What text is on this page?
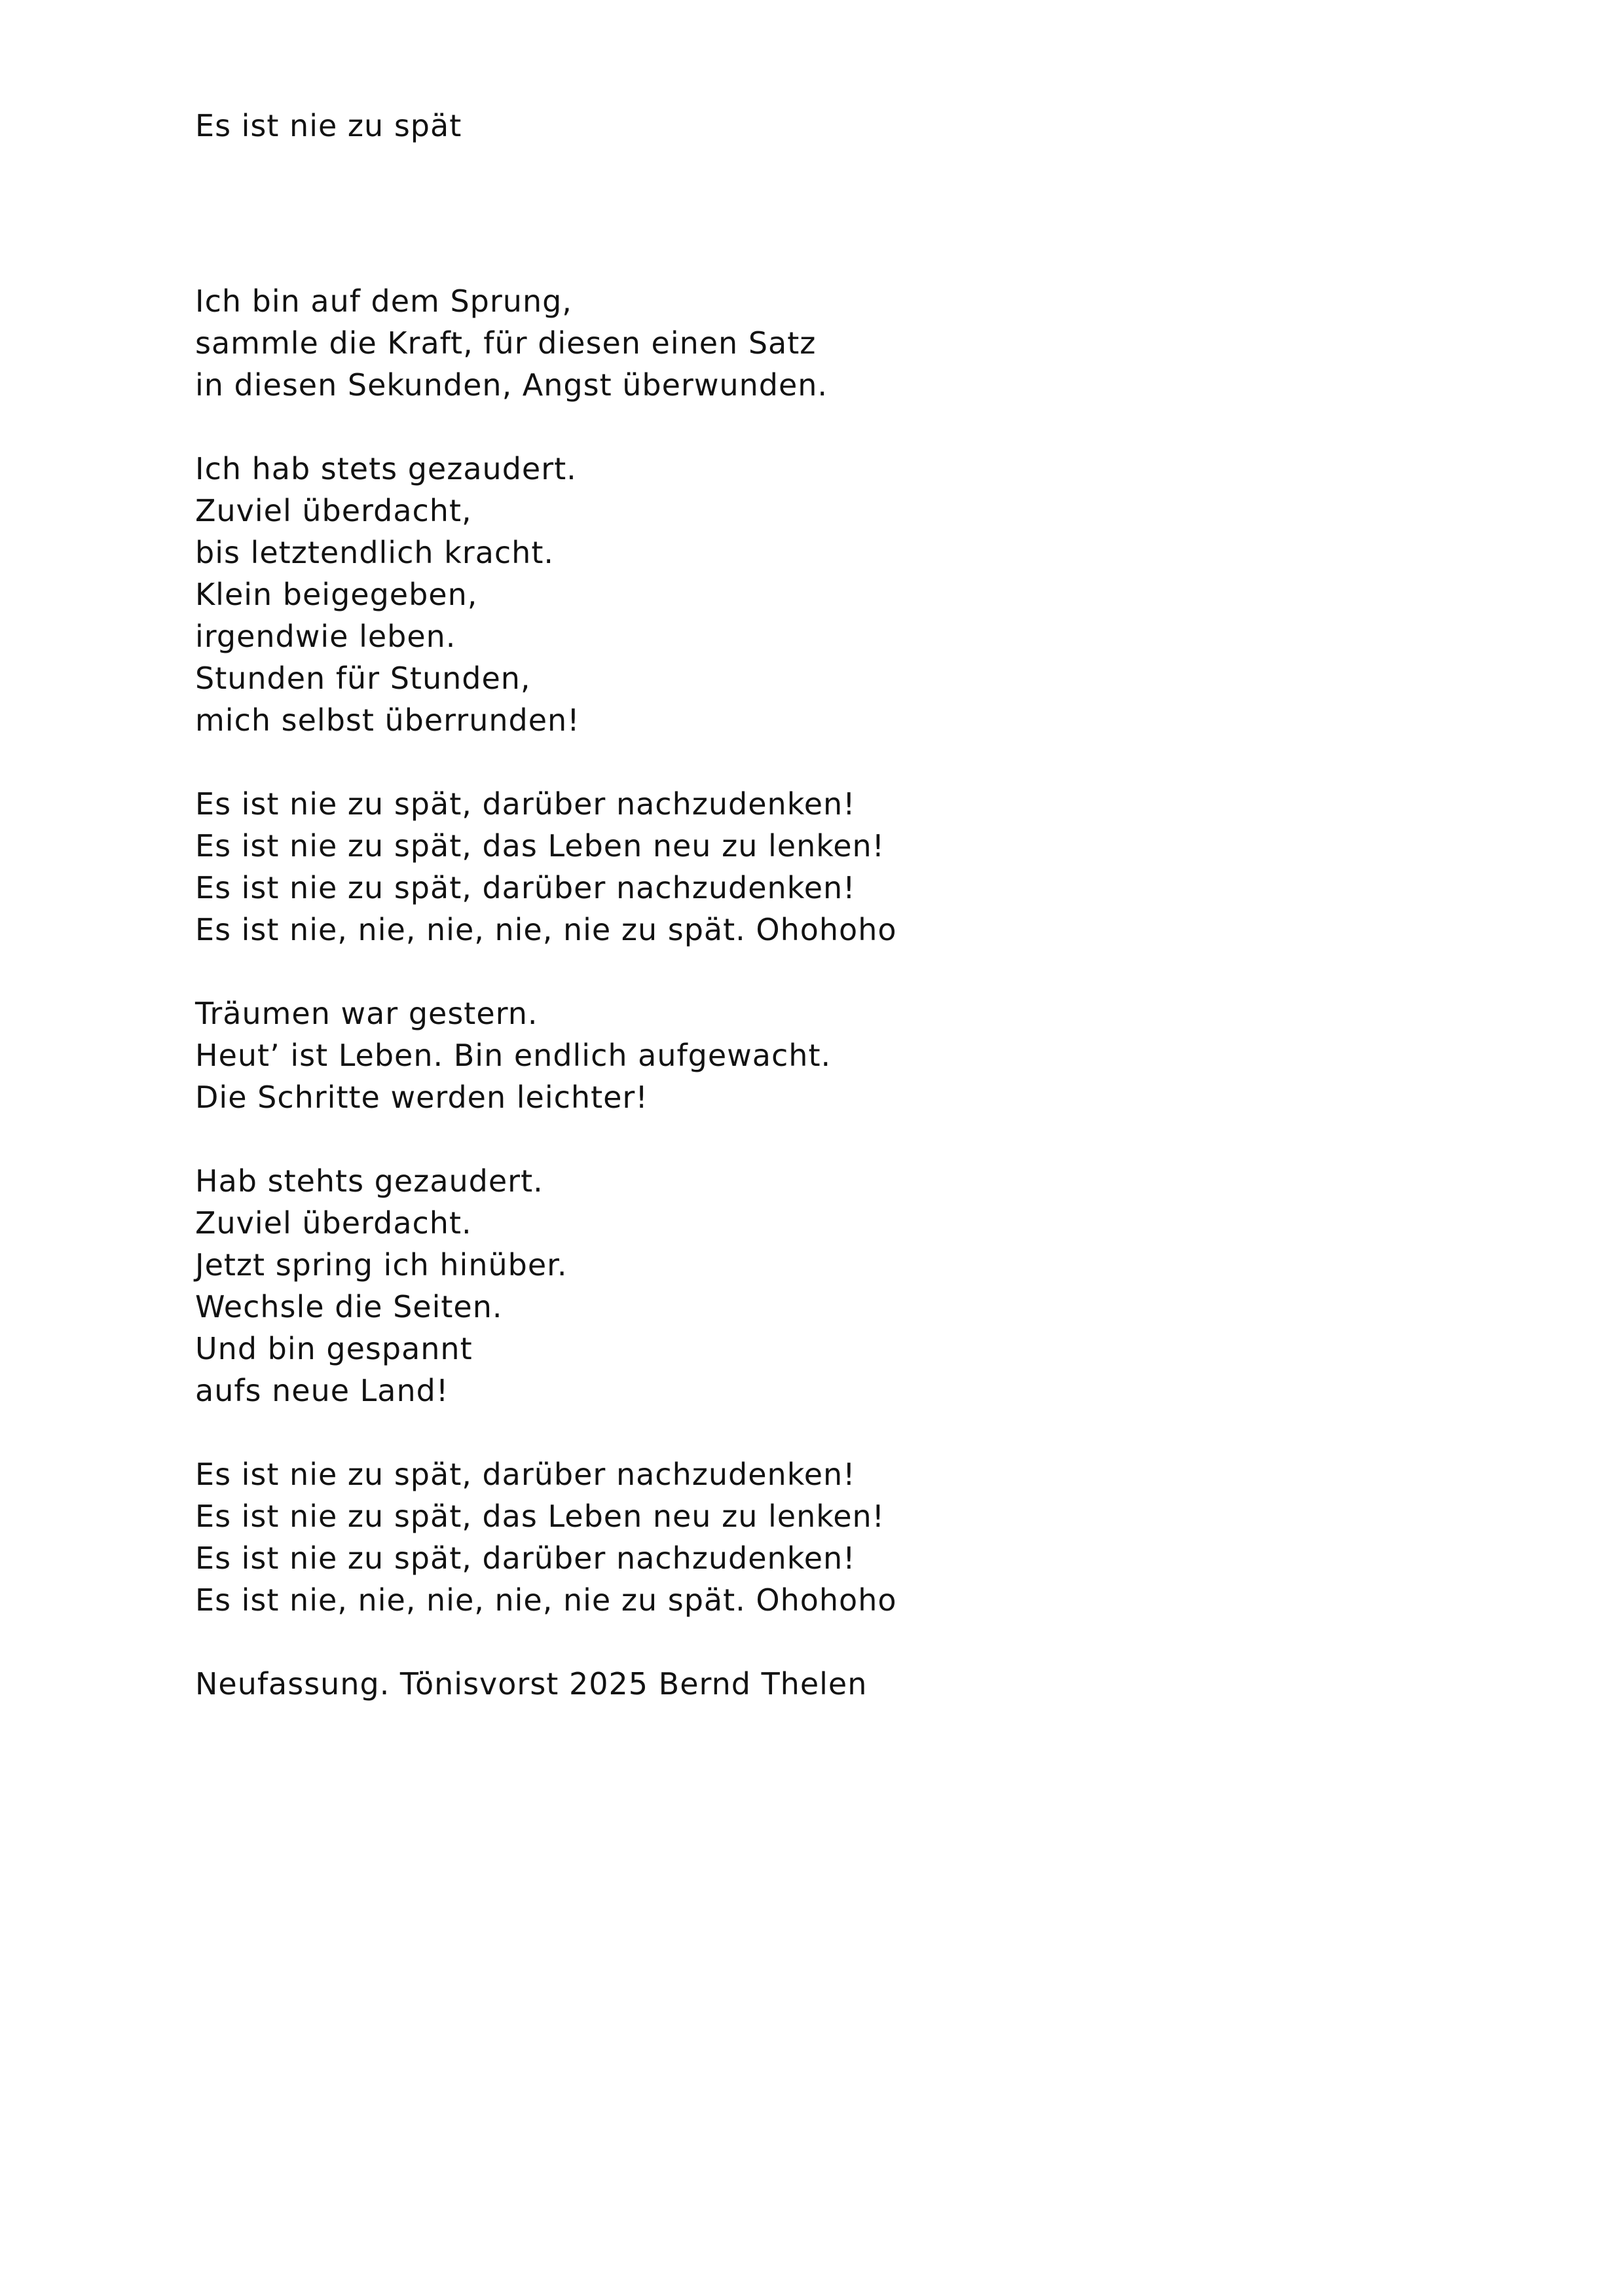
Es ist nie zu spät
Ich bin auf dem Sprung,
sammle die Kraft, für diesen einen Satz
in diesen Sekunden, Angst überwunden.
Ich hab stets gezaudert.
Zuviel überdacht,
bis letztendlich kracht.
Klein beigegeben,
irgendwie leben.
Stunden für Stunden,
mich selbst überrunden!
Es ist nie zu spät, darüber nachzudenken!
Es ist nie zu spät, das Leben neu zu lenken!
Es ist nie zu spät, darüber nachzudenken!
Es ist nie, nie, nie, nie, nie zu spät. Ohohoho
Träumen war gestern.
Heut’ ist Leben. Bin endlich aufgewacht.
Die Schritte werden leichter!
Hab stehts gezaudert.
Zuviel überdacht.
Jetzt spring ich hinüber.
Wechsle die Seiten.
Und bin gespannt
aufs neue Land!
Es ist nie zu spät, darüber nachzudenken!
Es ist nie zu spät, das Leben neu zu lenken!
Es ist nie zu spät, darüber nachzudenken!
Es ist nie, nie, nie, nie, nie zu spät. Ohohoho
Neufassung. Tönisvorst 2025 Bernd Thelen
